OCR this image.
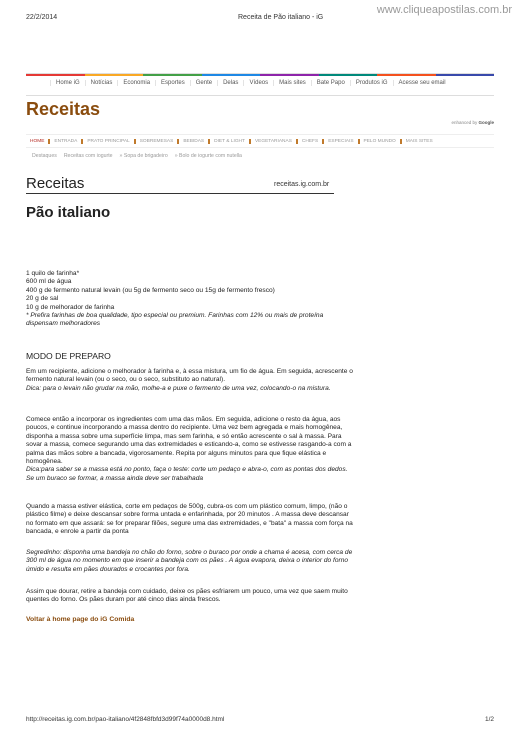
22/2/2014	Receita de Pão italiano - iG
www.cliqueapostilas.com.br
Home iG	Notícias	Economia	Esportes	Gente	Delas	Vídeos	Mais sites	Bate Papo	Produtos iG	Acesse seu email
Receitas
enhanced by Google
HOME	ENTRADA	PRATO PRINCIPAL	SOBREMESAS	BEBIDAS	DIET & LIGHT	VEGETARIANAS	CHEFS	ESPECIAIS	PELO MUNDO	MAIS SITES
Destaques Receitas com iogurte » Sopa de brigadeiro » Bolo de iogurte com nutella
Receitas	receitas.ig.com.br
Pão italiano
1 quilo de farinha*
600 ml de água
400 g de fermento natural levain (ou 5g de fermento seco ou 15g de fermento fresco)
20 g de sal
10 g de melhorador de farinha
* Prefira farinhas de boa qualidade, tipo especial ou premium. Farinhas com 12% ou mais de proteína dispensam melhoradores
MODO DE PREPARO
Em um recipiente, adicione o melhorador à farinha e, à essa mistura, um fio de água. Em seguida, acrescente o fermento natural levain (ou o seco, ou o seco, substituto ao natural).
Dica: para o levain não grudar na mão, molhe-a e puxe o fermento de uma vez, colocando-o na mistura.
Comece então a incorporar os ingredientes com uma das mãos. Em seguida, adicione o resto da água, aos poucos, e continue incorporando a massa dentro do recipiente. Uma vez bem agregada e mais homogênea, disponha a massa sobre uma superfície limpa, mas sem farinha, e só então acrescente o sal à massa. Para sovar a massa, comece segurando uma das extremidades e esticando-a, como se estivesse rasgando-a com a palma das mãos sobre a bancada, vigorosamente. Repita por alguns minutos para que fique elástica e homogênea.
Dica:para saber se a massa está no ponto, faça o teste: corte um pedaço e abra-o, com as pontas dos dedos. Se um buraco se formar, a massa ainda deve ser trabalhada
Quando a massa estiver elástica, corte em pedaços de 500g, cubra-os com um plástico comum, limpo, (não o plástico filme) e deixe descansar sobre forma untada e enfarinhada, por 20 minutos . A massa deve descansar no formato em que assará: se for preparar filões, segure uma das extremidades, e "bata" a massa com força na bancada, e enrole a partir da ponta
Segredinho: disponha uma bandeja no chão do forno, sobre o buraco por onde a chama é acesa, com cerca de 300 ml de água no momento em que inserir a bandeja com os pães . A água evapora, deixa o interior do forno úmido e resulta em pães dourados e crocantes por fora.
Assim que dourar, retire a bandeja com cuidado, deixe os pães esfriarem um pouco, uma vez que saem muito quentes do forno. Os pães duram por até cinco dias ainda frescos.
Voltar à home page do iG Comida
http://receitas.ig.com.br/pao-italiano/4f2848fbfd3d99f74a0000d8.html	1/2
